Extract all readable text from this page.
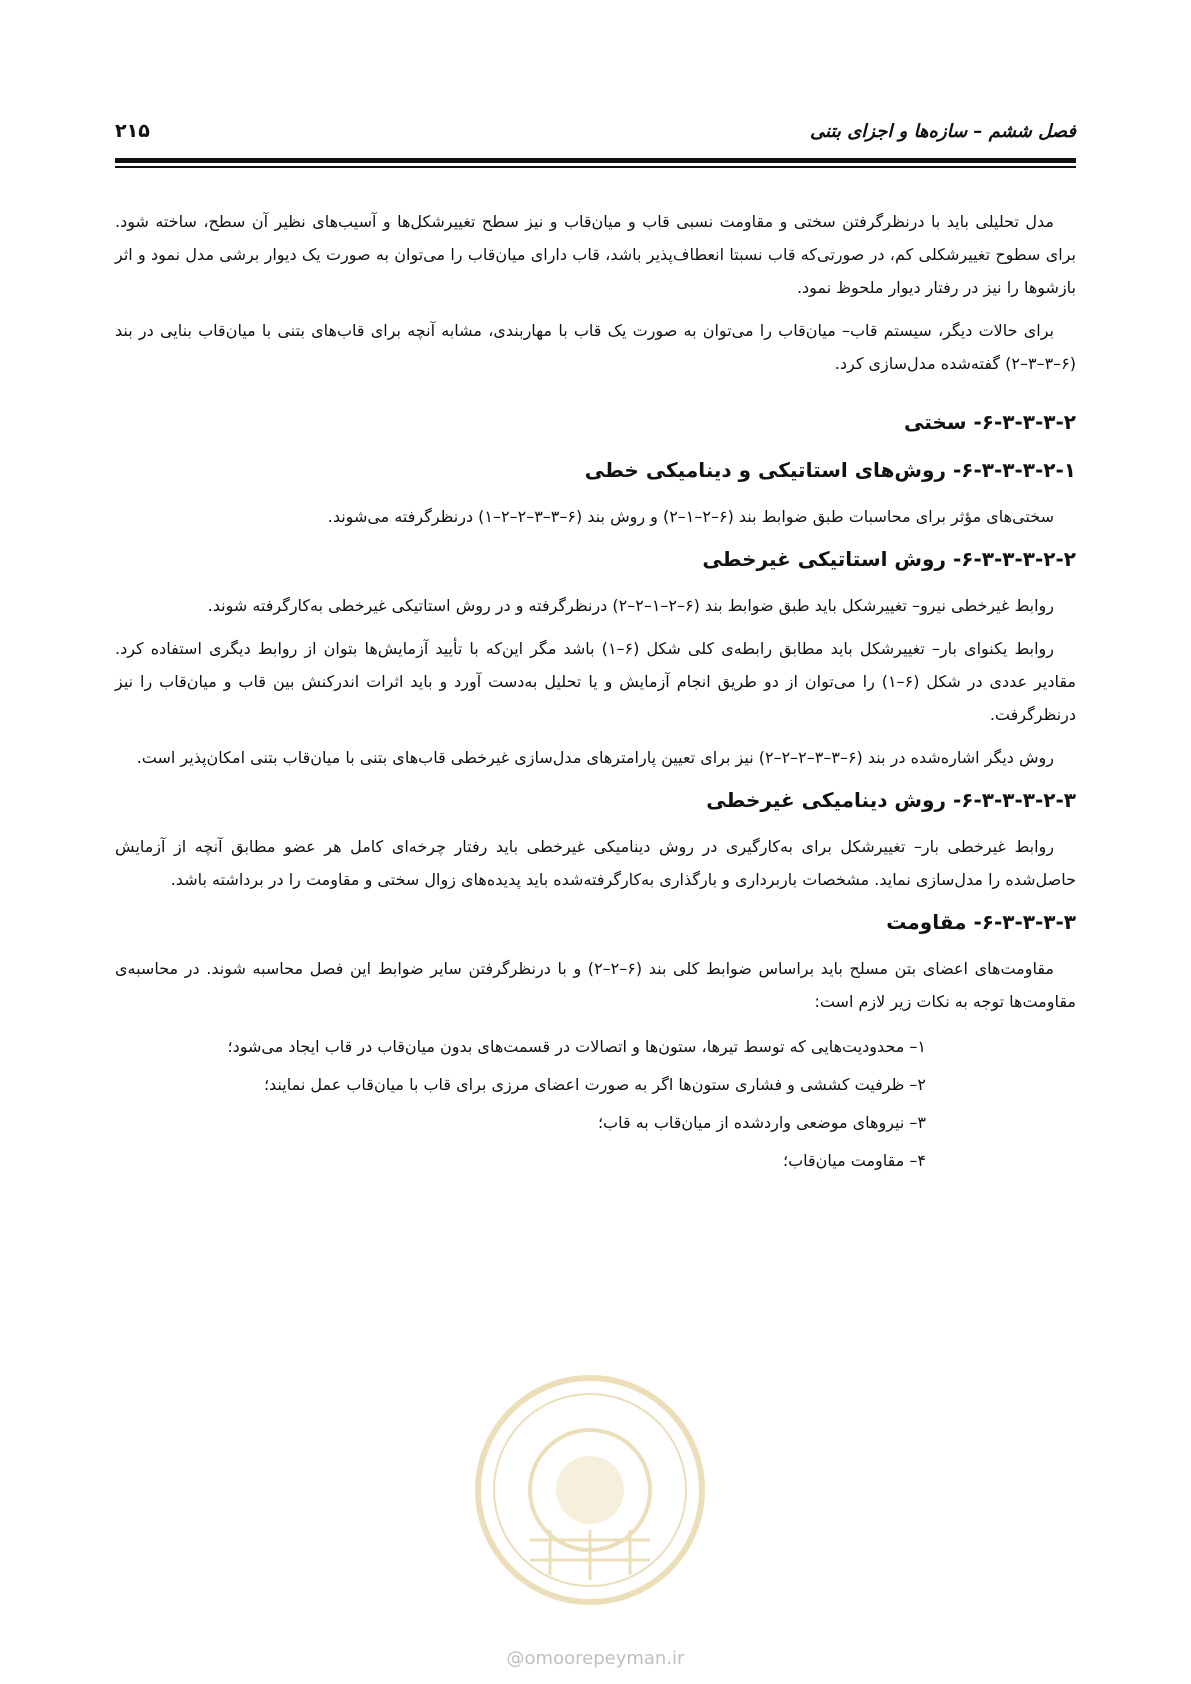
فصل ششم – سازه‌ها و اجزای بتنی
۲۱۵

مدل تحلیلی باید با درنظرگرفتن سختی و مقاومت نسبی قاب و میان‌قاب و نیز سطح تغییرشکل‌ها و آسیب‌های نظیر آن سطح، ساخته شود. برای سطوح تغییرشکلی کم، در صورتی‌که قاب نسبتا انعطاف‌پذیر باشد، قاب دارای میان‌قاب را می‌توان به صورت یک دیوار برشی مدل نمود و اثر بازشوها را نیز در رفتار دیوار ملحوظ نمود.

برای حالات دیگر، سیستم قاب– میان‌قاب را می‌توان به صورت یک قاب با مهاربندی، مشابه آنچه برای قاب‌های بتنی با میان‌قاب بنایی در بند (۶–۳–۳–۲) گفته‌شده مدل‌سازی کرد.

۶-۳-۳-۳-۲- سختی
۶-۳-۳-۳-۲-۱- روش‌های استاتیکی و دینامیکی خطی

سختی‌های مؤثر برای محاسبات طبق ضوابط بند (۶–۲–۱–۲) و روش بند (۶–۳–۳–۲–۲–۱) درنظرگرفته می‌شوند.

۶-۳-۳-۳-۲-۲- روش استاتیکی غیرخطی

روابط غیرخطی نیرو– تغییرشکل باید طبق ضوابط بند (۶–۲–۱–۲–۲) درنظرگرفته و در روش استاتیکی غیرخطی به‌کارگرفته شوند.

روابط یکنوای بار– تغییرشکل باید مطابق رابطه‌ی کلی شکل (۶–۱) باشد مگر این‌که با تأیید آزمایش‌ها بتوان از روابط دیگری استفاده کرد. مقادیر عددی در شکل (۶–۱) را می‌توان از دو طریق انجام آزمایش و یا تحلیل به‌دست آورد و باید اثرات اندرکنش بین قاب و میان‌قاب را نیز درنظرگرفت.

روش دیگر اشاره‌شده در بند (۶–۳–۳–۲–۲–۲) نیز برای تعیین پارامترهای مدل‌سازی غیرخطی قاب‌های بتنی با میان‌قاب بتنی امکان‌پذیر است.

۶-۳-۳-۳-۲-۳- روش دینامیکی غیرخطی

روابط غیرخطی بار– تغییرشکل برای به‌کارگیری در روش دینامیکی غیرخطی باید رفتار چرخه‌ای کامل هر عضو مطابق آنچه از آزمایش حاصل‌شده را مدل‌سازی نماید. مشخصات باربرداری و بارگذاری به‌کارگرفته‌شده باید پدیده‌های زوال سختی و مقاومت را در برداشته باشد.

۶-۳-۳-۳-۳- مقاومت

مقاومت‌های اعضای بتن مسلح باید براساس ضوابط کلی بند (۶–۲–۲) و با درنظرگرفتن سایر ضوابط این فصل محاسبه شوند. در محاسبه‌ی مقاومت‌ها توجه به نکات زیر لازم است:

۱– محدودیت‌هایی که توسط تیرها، ستون‌ها و اتصالات در قسمت‌های بدون میان‌قاب در قاب ایجاد می‌شود؛
۲– ظرفیت کششی و فشاری ستون‌ها اگر به صورت اعضای مرزی برای قاب با میان‌قاب عمل نمایند؛
۳– نیروهای موضعی واردشده از میان‌قاب به قاب؛
۴– مقاومت میان‌قاب؛
@omoorepeyman.ir
